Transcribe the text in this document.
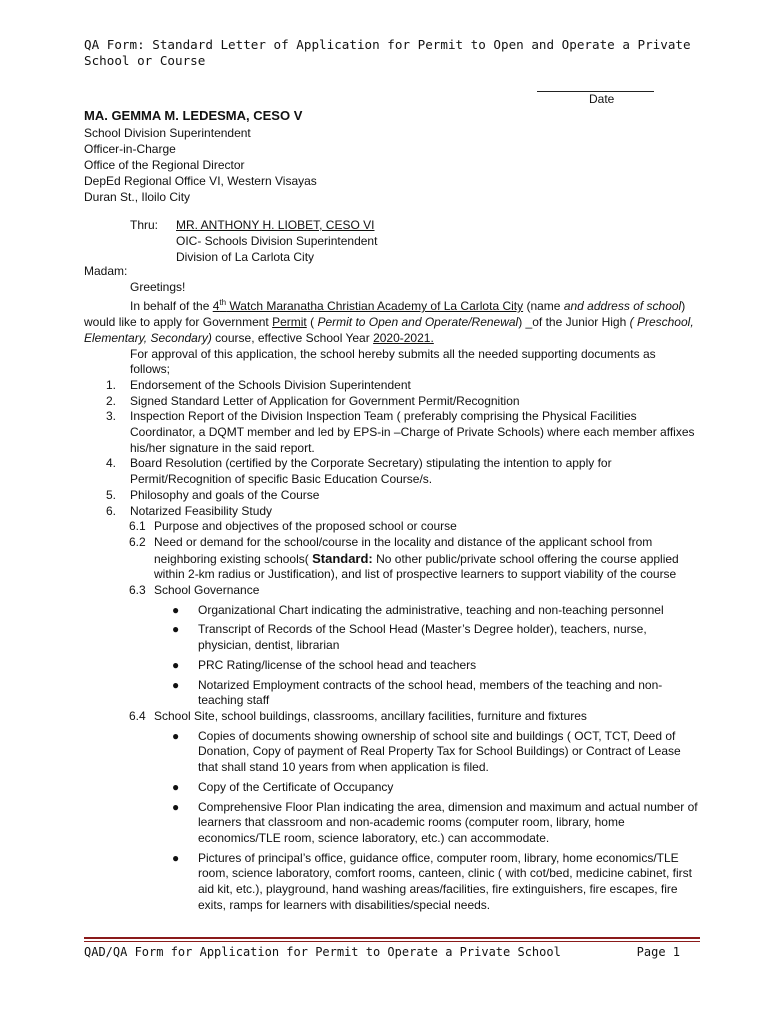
QA Form: Standard Letter of Application for Permit to Open and Operate a Private School or Course
Date
MA. GEMMA M. LEDESMA, CESO V
School Division Superintendent
Officer-in-Charge
Office of the Regional Director
DepEd Regional Office VI, Western Visayas
Duran St., Iloilo City
Thru: MR. ANTHONY H. LIOBET, CESO VI
OIC- Schools Division Superintendent
Division of La Carlota City

Madam:

Greetings!

In behalf of the 4th Watch Maranatha Christian Academy of La Carlota City (name and address of school) would like to apply for Government Permit ( Permit to Open and Operate/Renewal) _of the Junior High ( Preschool, Elementary, Secondary) course, effective School Year 2020-2021.

For approval of this application, the school hereby submits all the needed supporting documents as follows;

1. Endorsement of the Schools Division Superintendent
2. Signed Standard Letter of Application for Government Permit/Recognition
3. Inspection Report of the Division Inspection Team ( preferably comprising the Physical Facilities Coordinator, a DQMT member and led by EPS-in –Charge of Private Schools) where each member affixes his/her signature in the said report.
4. Board Resolution (certified by the Corporate Secretary) stipulating the intention to apply for Permit/Recognition of specific Basic Education Course/s.
5. Philosophy and goals of the Course
6. Notarized Feasibility Study
6.1 Purpose and objectives of the proposed school or course
6.2 Need or demand for the school/course in the locality and distance of the applicant school from neighboring existing schools( Standard: No other public/private school offering the course applied within 2-km radius or Justification), and list of prospective learners to support viability of the course
6.3 School Governance
● Organizational Chart indicating the administrative, teaching and non-teaching personnel
● Transcript of Records of the School Head (Master’s Degree holder), teachers, nurse, physician, dentist, librarian
● PRC Rating/license of the school head and teachers
● Notarized Employment contracts of the school head, members of the teaching and non-teaching staff
6.4 School Site, school buildings, classrooms, ancillary facilities, furniture and fixtures
● Copies of documents showing ownership of school site and buildings ( OCT, TCT, Deed of Donation, Copy of payment of Real Property Tax for School Buildings) or Contract of Lease that shall stand 10 years from when application is filed.
● Copy of the Certificate of Occupancy
● Comprehensive Floor Plan indicating the area, dimension and maximum and actual number of learners that classroom and non-academic rooms (computer room, library, home economics/TLE room, science laboratory, etc.) can accommodate.
● Pictures of principal’s office, guidance office, computer room, library, home economics/TLE room, science laboratory, comfort rooms, canteen, clinic ( with cot/bed, medicine cabinet, first aid kit, etc.), playground, hand washing areas/facilities, fire extinguishers, fire escapes, fire exits, ramps for learners with disabilities/special needs.
QAD/QA Form for Application for Permit to Operate a Private School	Page 1
